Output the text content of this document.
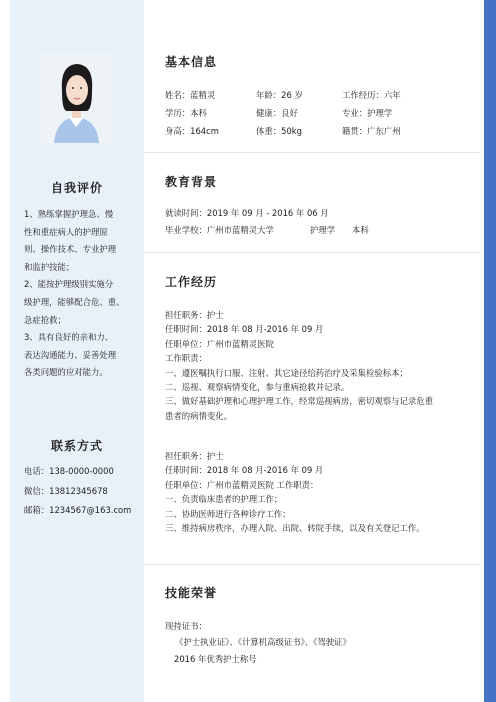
自我评价

1、熟练掌握护理急、慢

性和重症病人的护理原

则、操作技术、专业护理

和监护技能；

2、能按护理级别实施分

级护理，能够配合危、重、

急症抢救；

3、具有良好的亲和力、

表达沟通能力、妥善处理

各类问题的应对能力。

联系方式
电话：138-0000-0000
微信：13812345678
邮箱：1234567@163.com
基本信息
姓名：蓝精灵	年龄：26 岁	工作经历：六年
学历：本科	健康：良好	专业：护理学
身高：164cm	体重：50kg	籍贯：广东广州
教育背景
就读时间：2019 年 09 月 - 2016 年 06 月
毕业学校：广州市蓝精灵大学	护理学 本科
工作经历
担任职务：护士
任职时间：2018 年 08 月-2016 年 09 月
任职单位：广州市蓝精灵医院
工作职责：
一、遵医嘱执行口服、注射、其它途径给药治疗及采集检验标本；
二、巡视、观察病情变化，参与重病抢救并记录。
三、做好基础护理和心理护理工作，经常巡视病房，密切观察与记录危重
患者的病情变化。
担任职务：护士
任职时间：2018 年 08 月-2016 年 09 月
任职单位：广州市蓝精灵医院 工作职责：
一、负责临床患者的护理工作；
二、协助医师进行各种诊疗工作；
三、维持病房秩序，办理入院、出院、转院手续，以及有关登记工作。
技能荣誉
现持证书：
《护士执业证》、《计算机高级证书》、《驾驶证》
2016 年优秀护士称号
